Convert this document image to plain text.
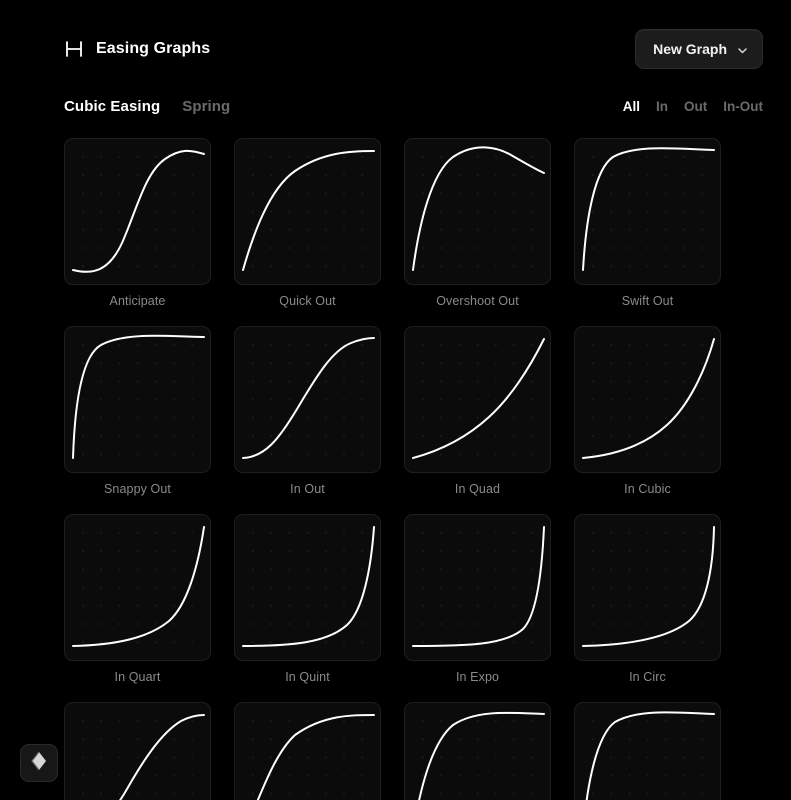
Easing Graphs	New Graph
Cubic Easing Spring	All In Out In-Out
Anticipate	Quick Out	Overshoot Out	Swift Out
Snappy Out	In Out	In Quad	In Cubic
In Quart	In Quint	In Expo	In Circ
